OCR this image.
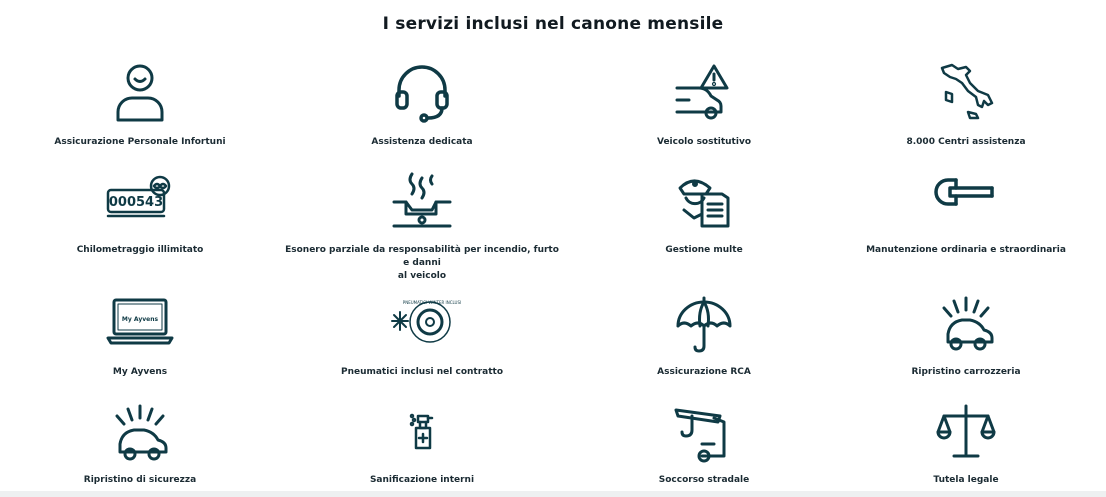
I servizi inclusi nel canone mensile
Assicurazione Personale Infortuni	Assistenza dedicata	Veicolo sostitutivo	8.000 Centri assistenza
000543
Chilometraggio illimitato	Esonero parziale da responsabilità per incendio, furto e danni
al veicolo
Gestione multe	Manutenzione ordinaria e straordinaria
My Ayvens
My Ayvens
PNEUMATICI WINTER INCLUSI
Pneumatici inclusi nel contratto	Assicurazione RCA	Ripristino carrozzeria
Ripristino di sicurezza	Sanificazione interni	Soccorso stradale	Tutela legale
